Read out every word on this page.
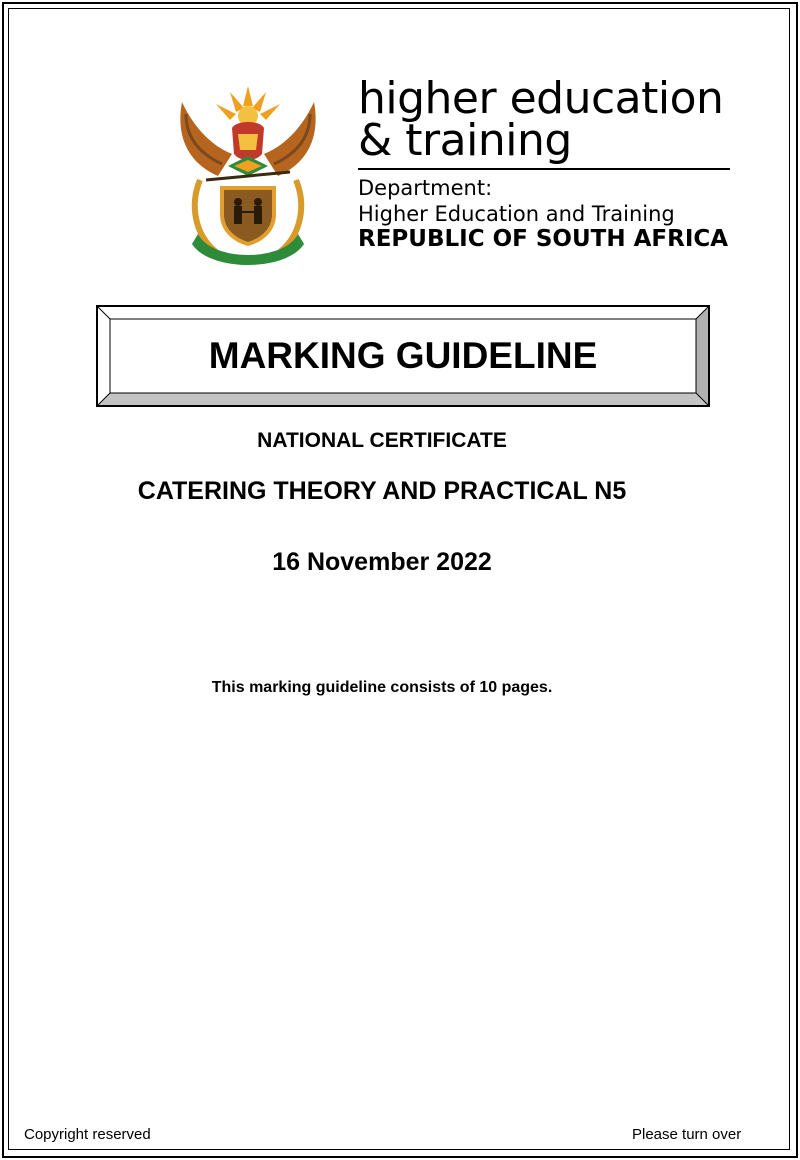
higher education
& training
Department:
Higher Education and Training
REPUBLIC OF SOUTH AFRICA
MARKING GUIDELINE
NATIONAL CERTIFICATE
CATERING THEORY AND PRACTICAL N5
16 November 2022
This marking guideline consists of 10 pages.
Copyright reserved	Please turn over
